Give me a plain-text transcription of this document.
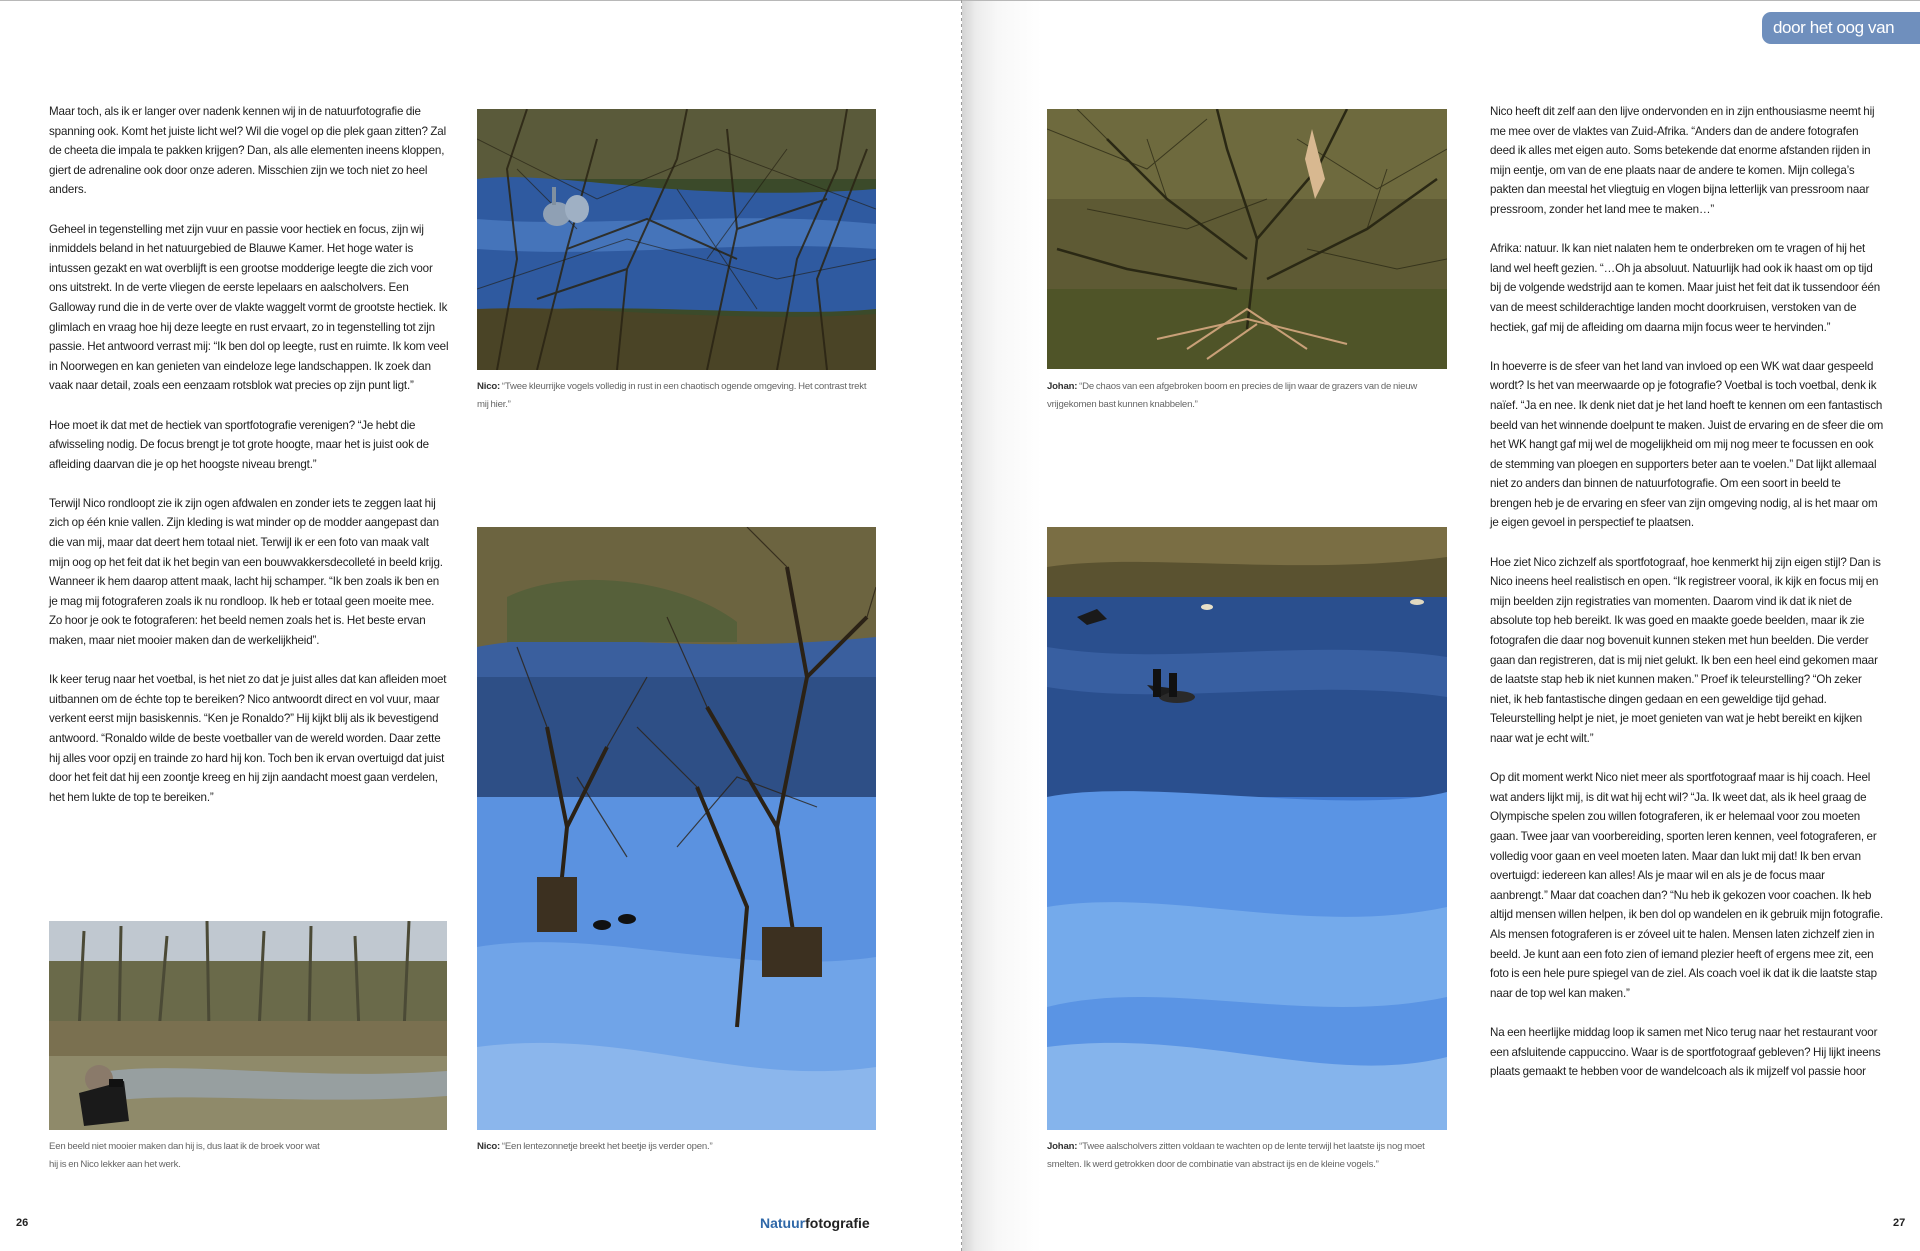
Maar toch, als ik er langer over nadenk kennen wij in de natuurfotografie die spanning ook. Komt het juiste licht wel? Wil die vogel op die plek gaan zitten? Zal de cheeta die impala te pakken krijgen? Dan, als alle elementen ineens kloppen, giert de adrenaline ook door onze aderen. Misschien zijn we toch niet zo heel anders.

Geheel in tegenstelling met zijn vuur en passie voor hectiek en focus, zijn wij inmiddels beland in het natuurgebied de Blauwe Kamer. Het hoge water is intussen gezakt en wat overblijft is een grootse modderige leegte die zich voor ons uitstrekt. In de verte vliegen de eerste lepelaars en aalscholvers. Een Galloway rund die in de verte over de vlakte waggelt vormt de grootste hectiek. Ik glimlach en vraag hoe hij deze leegte en rust ervaart, zo in tegenstelling tot zijn passie. Het antwoord verrast mij: “Ik ben dol op leegte, rust en ruimte. Ik kom veel in Noorwegen en kan genieten van eindeloze lege landschappen. Ik zoek dan vaak naar detail, zoals een eenzaam rotsblok wat precies op zijn punt ligt.”

Hoe moet ik dat met de hectiek van sportfotografie verenigen? “Je hebt die afwisseling nodig. De focus brengt je tot grote hoogte, maar het is juist ook de afleiding daarvan die je op het hoogste niveau brengt.”

Terwijl Nico rondloopt zie ik zijn ogen afdwalen en zonder iets te zeggen laat hij zich op één knie vallen. Zijn kleding is wat minder op de modder aangepast dan die van mij, maar dat deert hem totaal niet. Terwijl ik er een foto van maak valt mijn oog op het feit dat ik het begin van een bouwvakkersdecolleté in beeld krijg. Wanneer ik hem daarop attent maak, lacht hij schamper. “Ik ben zoals ik ben en je mag mij fotograferen zoals ik nu rondloop. Ik heb er totaal geen moeite mee. Zo hoor je ook te fotograferen: het beeld nemen zoals het is. Het beste ervan maken, maar niet mooier maken dan de werkelijkheid”.

Ik keer terug naar het voetbal, is het niet zo dat je juist alles dat kan afleiden moet uitbannen om de échte top te bereiken? Nico antwoordt direct en vol vuur, maar verkent eerst mijn basiskennis. “Ken je Ronaldo?” Hij kijkt blij als ik bevestigend antwoord. “Ronaldo wilde de beste voetballer van de wereld worden. Daar zette hij alles voor opzij en trainde zo hard hij kon. Toch ben ik ervan overtuigd dat juist door het feit dat hij een zoontje kreeg en hij zijn aandacht moest gaan verdelen, het hem lukte de top te bereiken.”

Nico: “Twee kleurrijke vogels volledig in rust in een chaotisch ogende omgeving. Het contrast trekt mij hier.”
Nico: “Een lentezonnetje breekt het beetje ijs verder open.”
Een beeld niet mooier maken dan hij is, dus laat ik de broek voor wat hij is en Nico lekker aan het werk.
26	Natuurfotografie
Johan: “De chaos van een afgebroken boom en precies de lijn waar de grazers van de nieuw vrijgekomen bast kunnen knabbelen.”
Johan: “Twee aalscholvers zitten voldaan te wachten op de lente terwijl het laatste ijs nog moet smelten. Ik werd getrokken door de combinatie van abstract ijs en de kleine vogels.”

Nico heeft dit zelf aan den lijve ondervonden en in zijn enthousiasme neemt hij me mee over de vlaktes van Zuid-Afrika. “Anders dan de andere fotografen deed ik alles met eigen auto. Soms betekende dat enorme afstanden rijden in mijn eentje, om van de ene plaats naar de andere te komen. Mijn collega’s pakten dan meestal het vliegtuig en vlogen bijna letterlijk van pressroom naar pressroom, zonder het land mee te maken…”

Afrika: natuur. Ik kan niet nalaten hem te onderbreken om te vragen of hij het land wel heeft gezien. “…Oh ja absoluut. Natuurlijk had ook ik haast om op tijd bij de volgende wedstrijd aan te komen. Maar juist het feit dat ik tussendoor één van de meest schilderachtige landen mocht doorkruisen, verstoken van de hectiek, gaf mij de afleiding om daarna mijn focus weer te hervinden.”

In hoeverre is de sfeer van het land van invloed op een WK wat daar gespeeld wordt? Is het van meerwaarde op je fotografie? Voetbal is toch voetbal, denk ik naïef. “Ja en nee. Ik denk niet dat je het land hoeft te kennen om een fantastisch beeld van het winnende doelpunt te maken. Juist de ervaring en de sfeer die om het WK hangt gaf mij wel de mogelijkheid om mij nog meer te focussen en ook de stemming van ploegen en supporters beter aan te voelen.” Dat lijkt allemaal niet zo anders dan binnen de natuurfotografie. Om een soort in beeld te brengen heb je de ervaring en sfeer van zijn omgeving nodig, al is het maar om je eigen gevoel in perspectief te plaatsen.

Hoe ziet Nico zichzelf als sportfotograaf, hoe kenmerkt hij zijn eigen stijl? Dan is Nico ineens heel realistisch en open. “Ik registreer vooral, ik kijk en focus mij en mijn beelden zijn registraties van momenten. Daarom vind ik dat ik niet de absolute top heb bereikt. Ik was goed en maakte goede beelden, maar ik zie fotografen die daar nog bovenuit kunnen steken met hun beelden. Die verder gaan dan registreren, dat is mij niet gelukt. Ik ben een heel eind gekomen maar de laatste stap heb ik niet kunnen maken.” Proef ik teleurstelling? “Oh zeker niet, ik heb fantastische dingen gedaan en een geweldige tijd gehad. Teleurstelling helpt je niet, je moet genieten van wat je hebt bereikt en kijken naar wat je echt wilt.”

Op dit moment werkt Nico niet meer als sportfotograaf maar is hij coach. Heel wat anders lijkt mij, is dit wat hij echt wil? “Ja. Ik weet dat, als ik heel graag de Olympische spelen zou willen fotograferen, ik er helemaal voor zou moeten gaan. Twee jaar van voorbereiding, sporten leren kennen, veel fotograferen, er volledig voor gaan en veel moeten laten. Maar dan lukt mij dat! Ik ben ervan overtuigd: iedereen kan alles! Als je maar wil en als je de focus maar aanbrengt.” Maar dat coachen dan? “Nu heb ik gekozen voor coachen. Ik heb altijd mensen willen helpen, ik ben dol op wandelen en ik gebruik mijn fotografie. Als mensen fotograferen is er zóveel uit te halen. Mensen laten zichzelf zien in beeld. Je kunt aan een foto zien of iemand plezier heeft of ergens mee zit, een foto is een hele pure spiegel van de ziel. Als coach voel ik dat ik die laatste stap naar de top wel kan maken.”

Na een heerlijke middag loop ik samen met Nico terug naar het restaurant voor een afsluitende cappuccino. Waar is de sportfotograaf gebleven? Hij lijkt ineens plaats gemaakt te hebben voor de wandelcoach als ik mijzelf vol passie hoor

27
door het oog van
